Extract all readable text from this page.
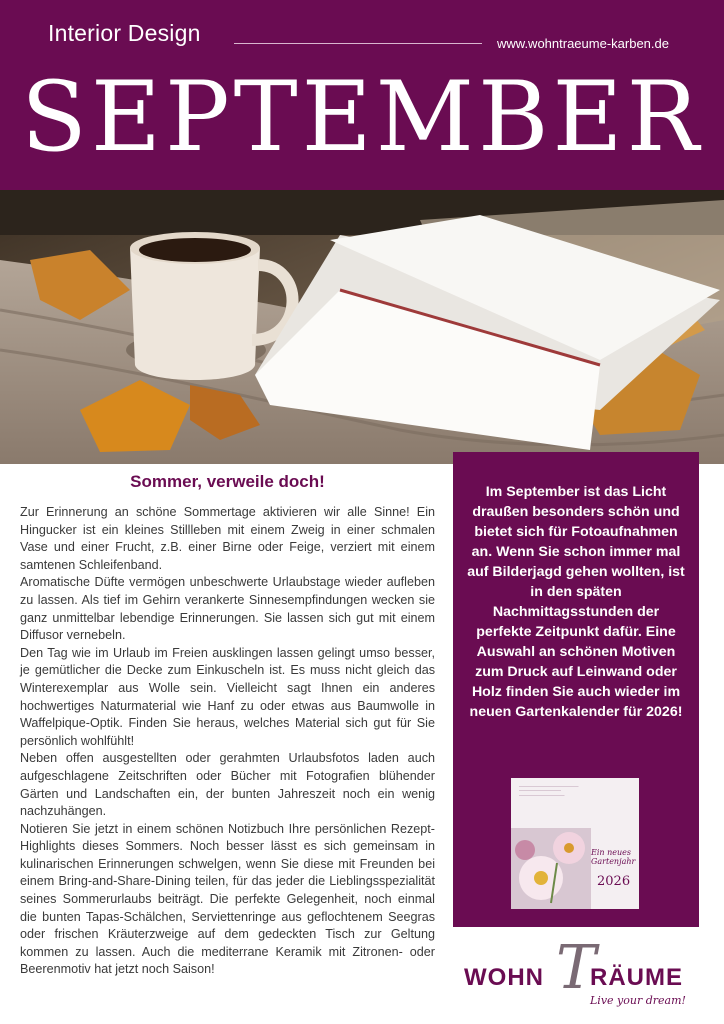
Interior Design	www.wohntraeume-karben.de
SEPTEMBER
Sommer, verweile doch!

Zur Erinnerung an schöne Sommertage aktivieren wir alle Sinne! Ein Hingucker ist ein kleines Stillleben mit einem Zweig in einer schmalen Vase und einer Frucht, z.B. einer Birne oder Feige, verziert mit einem samtenen Schleifenband.

Aromatische Düfte vermögen unbeschwerte Urlaubstage wieder aufleben zu lassen. Als tief im Gehirn verankerte Sinnesempfindungen wecken sie ganz unmittelbar lebendige Erinnerungen. Sie lassen sich gut mit einem Diffusor vernebeln.

Den Tag wie im Urlaub im Freien ausklingen lassen gelingt umso besser, je gemütlicher die Decke zum Einkuscheln ist. Es muss nicht gleich das Winterexemplar aus Wolle sein. Vielleicht sagt Ihnen ein anderes hochwertiges Naturmaterial wie Hanf zu oder etwas aus Baumwolle in Waffelpique-Optik. Finden Sie heraus, welches Material sich gut für Sie persönlich wohlfühlt!

Neben offen ausgestellten oder gerahmten Urlaubsfotos laden auch aufgeschlagene Zeitschriften oder Bücher mit Fotografien blühender Gärten und Landschaften ein, der bunten Jahreszeit noch ein wenig nachzuhängen.

Notieren Sie jetzt in einem schönen Notizbuch Ihre persönlichen Rezept-Highlights dieses Sommers. Noch besser lässt es sich gemeinsam in kulinarischen Erinnerungen schwelgen, wenn Sie diese mit Freunden bei einem Bring-and-Share-Dining teilen, für das jeder die Lieblingsspezialität seines Sommerurlaubs beiträgt. Die perfekte Gelegenheit, noch einmal die bunten Tapas-Schälchen, Serviettenringe aus geflochtenem Seegras oder frischen Kräuterzweige auf dem gedeckten Tisch zur Geltung kommen zu lassen. Auch die mediterrane Keramik mit Zitronen- oder Beerenmotiv hat jetzt noch Saison!

Im September ist das Licht draußen besonders schön und bietet sich für Fotoaufnahmen an. Wenn Sie schon immer mal auf Bilderjagd gehen wollten, ist in den späten Nachmittagsstunden der perfekte Zeitpunkt dafür. Eine Auswahl an schönen Motiven zum Druck auf Leinwand oder Holz finden Sie auch wieder im neuen Gartenkalender für 2026!
—————————————————
————————————
—————————————
Ein neues Gartenjahr
2026
WOHN T
RÄUME
Live your dream!
